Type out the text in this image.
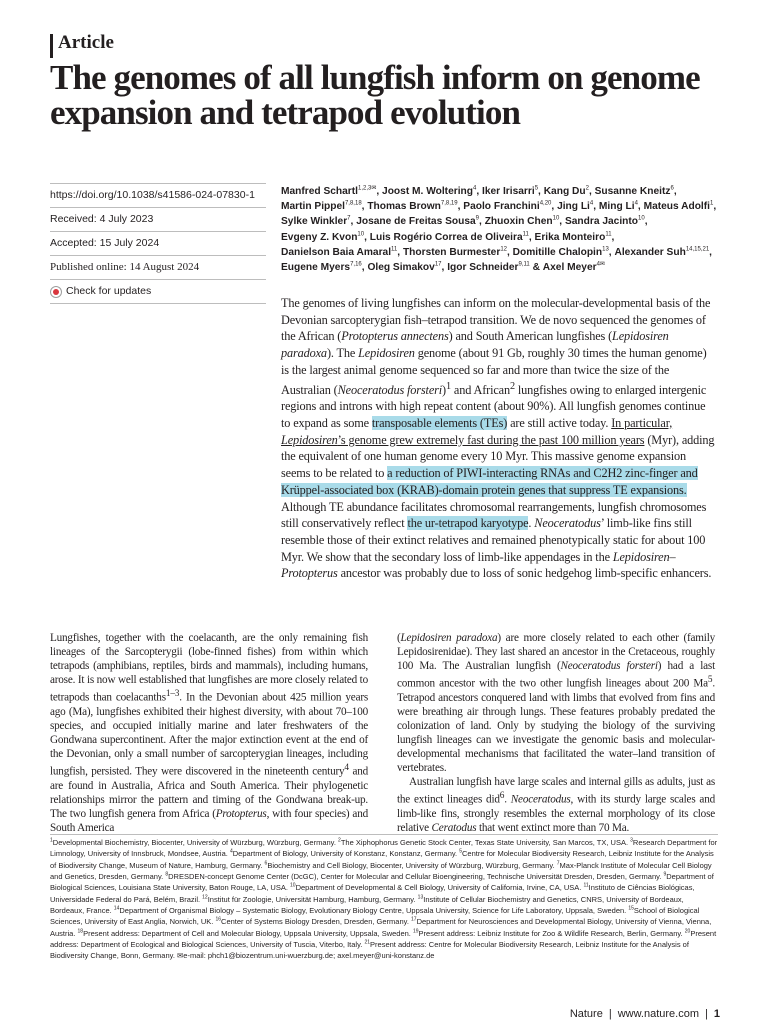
Article
The genomes of all lungfish inform on genome expansion and tetrapod evolution
https://doi.org/10.1038/s41586-024-07830-1
Received: 4 July 2023
Accepted: 15 July 2024
Published online: 14 August 2024
Check for updates

Manfred Schartl$^{1,2,3✉}$, Joost M. Woltering$^4$, Iker Irisarri$^5$, Kang Du$^2$, Susanne Kneitz$^6$, Martin Pippel$^{7,8,18}$, Thomas Brown$^{7,8,19}$, Paolo Franchini$^{4,20}$, Jing Li$^4$, Ming Li$^4$, Mateus Adolfi$^1$, Sylke Winkler$^7$, Josane de Freitas Sousa$^9$, Zhuoxin Chen$^{10}$, Sandra Jacinto$^{10}$, Evgeny Z. Kvon$^{10}$, Luis Rogério Correa de Oliveira$^{11}$, Erika Monteiro$^{11}$, Danielson Baia Amaral$^{11}$, Thorsten Burmester$^{12}$, Domitille Chalopin$^{13}$, Alexander Suh$^{14,15,21}$, Eugene Myers$^{7,16}$, Oleg Simakov$^{17}$, Igor Schneider$^{9,11}$ & Axel Meyer$^{4✉}$

The genomes of living lungfishes can inform on the molecular-developmental basis of the Devonian sarcopterygian fish–tetrapod transition. We de novo sequenced the genomes of the African (Protopterus annectens) and South American lungfishes (Lepidosiren paradoxa). The Lepidosiren genome (about 91 Gb, roughly 30 times the human genome) is the largest animal genome sequenced so far and more than twice the size of the Australian (Neoceratodus forsteri)$^1$ and African$^2$ lungfishes owing to enlarged intergenic regions and introns with high repeat content (about 90%). All lungfish genomes continue to expand as some transposable elements (TEs) are still active today. In particular, Lepidosiren’s genome grew extremely fast during the past 100 million years (Myr), adding the equivalent of one human genome every 10 Myr. This massive genome expansion seems to be related to a reduction of PIWI-interacting RNAs and C2H2 zinc-finger and Krüppel-associated box (KRAB)-domain protein genes that suppress TE expansions. Although TE abundance facilitates chromosomal rearrangements, lungfish chromosomes still conservatively reflect the ur-tetrapod karyotype. Neoceratodus’ limb-like fins still resemble those of their extinct relatives and remained phenotypically static for about 100 Myr. We show that the secondary loss of limb-like appendages in the Lepidosiren–Protopterus ancestor was probably due to loss of sonic hedgehog limb-specific enhancers.

Lungfishes, together with the coelacanth, are the only remaining fish lineages of the Sarcopterygii (lobe-finned fishes) from within which tetrapods (amphibians, reptiles, birds and mammals), including humans, arose. It is now well established that lungfishes are more closely related to tetrapods than coelacanths$^{1-3}$. In the Devonian about 425 million years ago (Ma), lungfishes exhibited their highest diversity, with about 70–100 species, and occupied initially marine and later freshwaters of the Gondwana supercontinent. After the major extinction event at the end of the Devonian, only a small number of sarcopterygian lineages, including lungfish, persisted. They were discovered in the nineteenth century$^4$ and are found in Australia, Africa and South America. Their phylogenetic relationships mirror the pattern and timing of the Gondwana break-up. The two lungfish genera from Africa (Protopterus, with four species) and South America

(Lepidosiren paradoxa) are more closely related to each other (family Lepidosirenidae). They last shared an ancestor in the Cretaceous, roughly 100 Ma. The Australian lungfish (Neoceratodus forsteri) had a last common ancestor with the two other lungfish lineages about 200 Ma$^5$. Tetrapod ancestors conquered land with limbs that evolved from fins and were breathing air through lungs. These features probably predated the colonization of land. Only by studying the biology of the surviving lungfish lineages can we investigate the genomic basis and molecular-developmental mechanisms that facilitated the water–land transition of vertebrates.

Australian lungfish have large scales and internal gills as adults, just as the extinct lineages did$^6$. Neoceratodus, with its sturdy large scales and limb-like fins, strongly resembles the external morphology of its close relative Ceratodus that went extinct more than 70 Ma.

$^1$Developmental Biochemistry, Biocenter, University of Würzburg, Würzburg, Germany. $^2$The Xiphophorus Genetic Stock Center, Texas State University, San Marcos, TX, USA. $^3$Research Department for Limnology, University of Innsbruck, Mondsee, Austria. $^4$Department of Biology, University of Konstanz, Konstanz, Germany. $^5$Centre for Molecular Biodiversity Research, Leibniz Institute for the Analysis of Biodiversity Change, Museum of Nature, Hamburg, Germany. $^6$Biochemistry and Cell Biology, Biocenter, University of Würzburg, Würzburg, Germany. $^7$Max-Planck Institute of Molecular Cell Biology and Genetics, Dresden, Germany. $^8$DRESDEN-concept Genome Center (DcGC), Center for Molecular and Cellular Bioengineering, Technische Universität Dresden, Dresden, Germany. $^9$Department of Biological Sciences, Louisiana State University, Baton Rouge, LA, USA. $^{10}$Department of Developmental & Cell Biology, University of California, Irvine, CA, USA. $^{11}$Instituto de Ciências Biológicas, Universidade Federal do Pará, Belém, Brazil. $^{12}$Institut für Zoologie, Universität Hamburg, Hamburg, Germany. $^{13}$Institute of Cellular Biochemistry and Genetics, CNRS, University of Bordeaux, Bordeaux, France. $^{14}$Department of Organismal Biology – Systematic Biology, Evolutionary Biology Centre, Uppsala University, Science for Life Laboratory, Uppsala, Sweden. $^{15}$School of Biological Sciences, University of East Anglia, Norwich, UK. $^{16}$Center of Systems Biology Dresden, Dresden, Germany. $^{17}$Department for Neurosciences and Developmental Biology, University of Vienna, Vienna, Austria. $^{18}$Present address: Department of Cell and Molecular Biology, Uppsala University, Uppsala, Sweden. $^{19}$Present address: Leibniz Institute for Zoo & Wildlife Research, Berlin, Germany. $^{20}$Present address: Department of Ecological and Biological Sciences, University of Tuscia, Viterbo, Italy. $^{21}$Present address: Centre for Molecular Biodiversity Research, Leibniz Institute for the Analysis of Biodiversity Change, Bonn, Germany. ✉e-mail: phch1@biozentrum.uni-wuerzburg.de; axel.meyer@uni-konstanz.de

Nature | www.nature.com | 1
